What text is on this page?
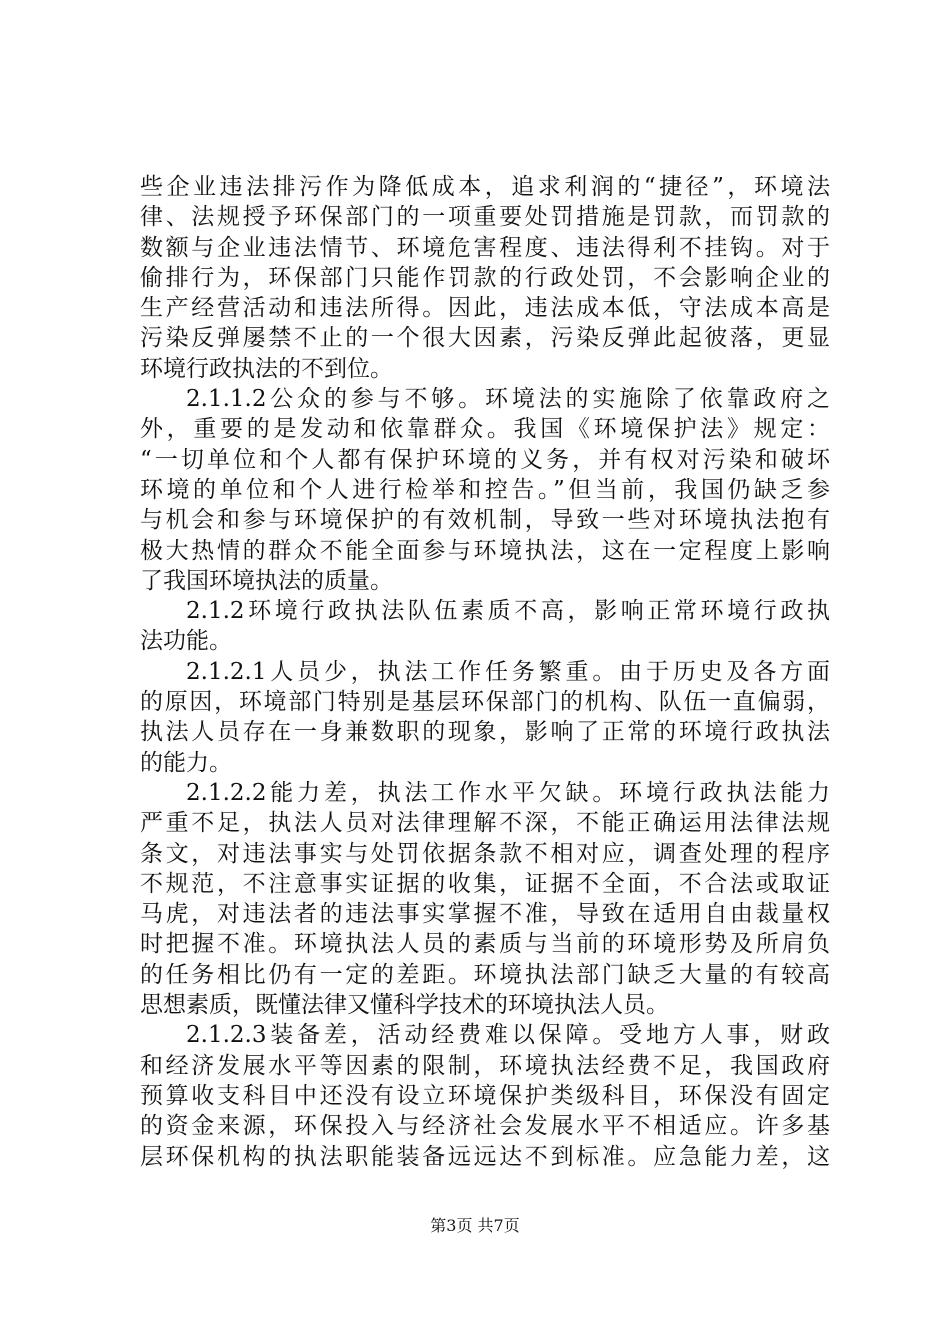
些企业违法排污作为降低成本，追求利润的“捷径”，环境法
律、法规授予环保部门的一项重要处罚措施是罚款，而罚款的
数额与企业违法情节、环境危害程度、违法得利不挂钩。对于
偷排行为，环保部门只能作罚款的行政处罚，不会影响企业的
生产经营活动和违法所得。因此，违法成本低，守法成本高是
污染反弹屡禁不止的一个很大因素，污染反弹此起彼落，更显
环境行政执法的不到位。
2.1.1.2公众的参与不够。环境法的实施除了依靠政府之
外，重要的是发动和依靠群众。我国《环境保护法》规定：
“一切单位和个人都有保护环境的义务，并有权对污染和破坏
环境的单位和个人进行检举和控告。”但当前，我国仍缺乏参
与机会和参与环境保护的有效机制，导致一些对环境执法抱有
极大热情的群众不能全面参与环境执法，这在一定程度上影响
了我国环境执法的质量。
2.1.2环境行政执法队伍素质不高，影响正常环境行政执
法功能。
2.1.2.1人员少，执法工作任务繁重。由于历史及各方面
的原因，环境部门特别是基层环保部门的机构、队伍一直偏弱，
执法人员存在一身兼数职的现象，影响了正常的环境行政执法
的能力。
2.1.2.2能力差，执法工作水平欠缺。环境行政执法能力
严重不足，执法人员对法律理解不深，不能正确运用法律法规
条文，对违法事实与处罚依据条款不相对应，调查处理的程序
不规范，不注意事实证据的收集，证据不全面，不合法或取证
马虎，对违法者的违法事实掌握不准，导致在适用自由裁量权
时把握不准。环境执法人员的素质与当前的环境形势及所肩负
的任务相比仍有一定的差距。环境执法部门缺乏大量的有较高
思想素质，既懂法律又懂科学技术的环境执法人员。
2.1.2.3装备差，活动经费难以保障。受地方人事，财政
和经济发展水平等因素的限制，环境执法经费不足，我国政府
预算收支科目中还没有设立环境保护类级科目，环保没有固定
的资金来源，环保投入与经济社会发展水平不相适应。许多基
层环保机构的执法职能装备远远达不到标准。应急能力差，这
第3页 共7页
